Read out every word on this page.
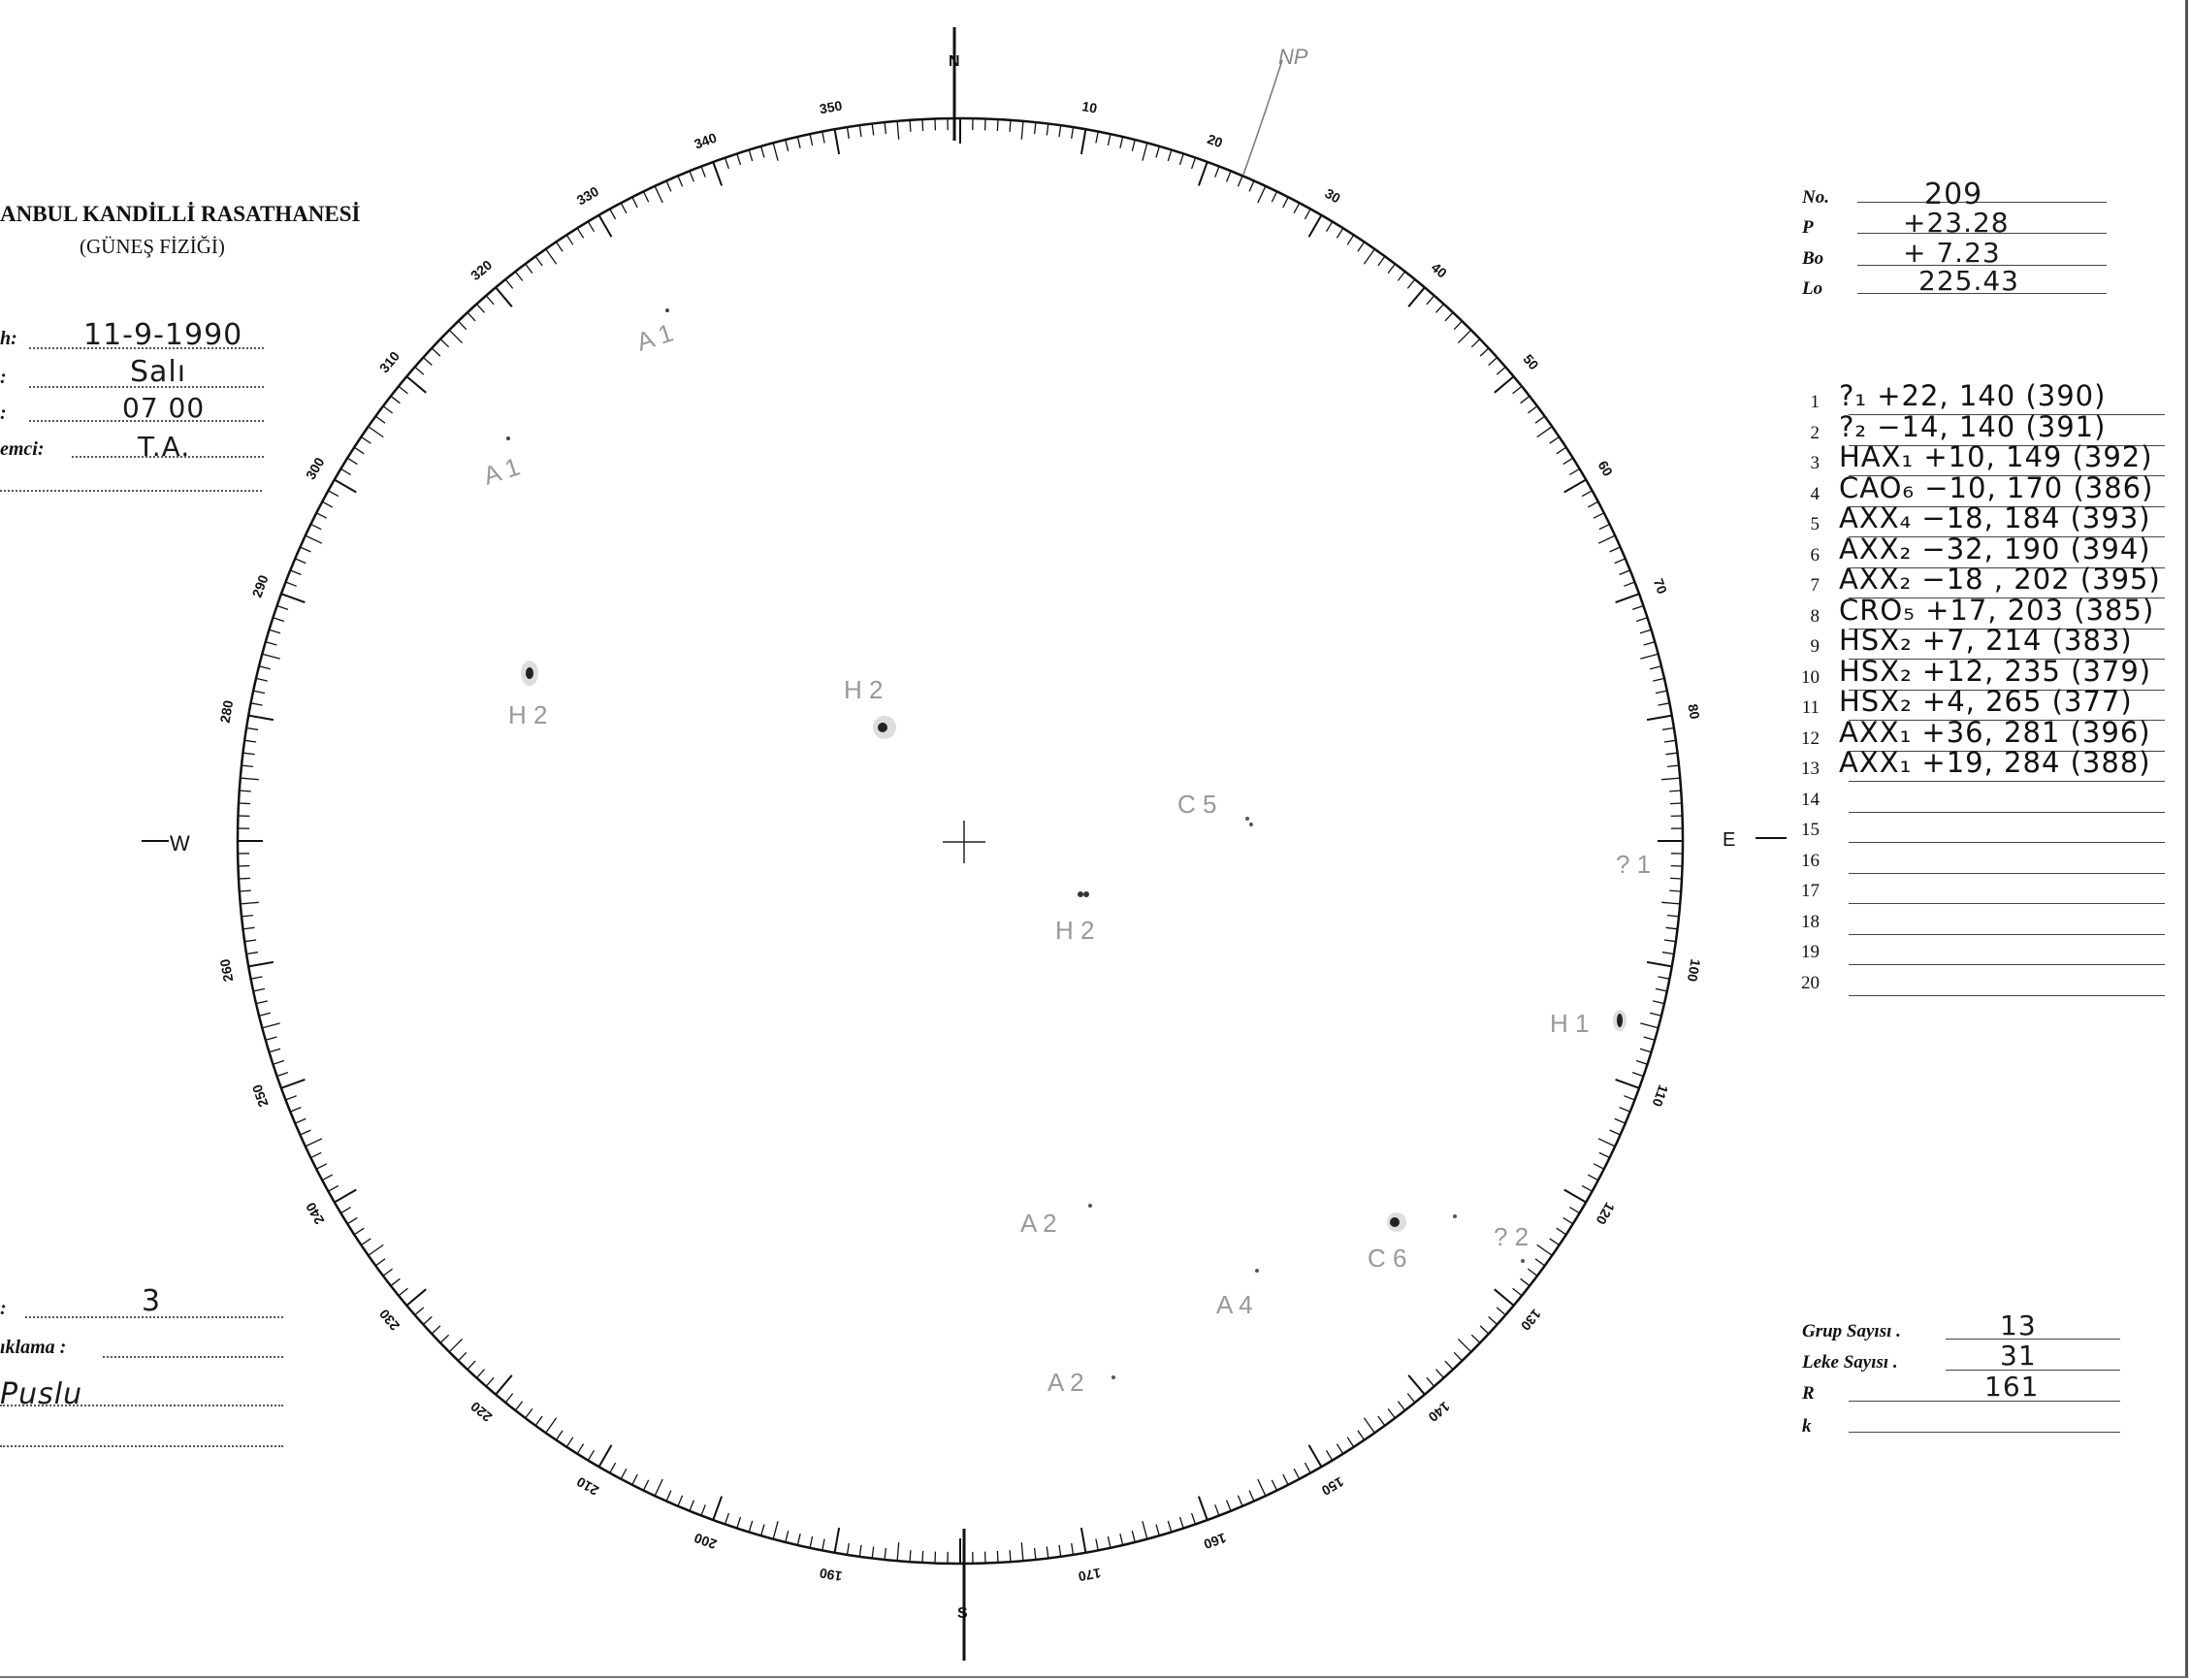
ANBUL KANDİLLİ RASATHANESİ
(GÜNEŞ FİZİĞİ)
h: 11-9-1990
:	Salı
:	07 00
emci:	T.A.
:	3
ıklama :
Puslu
No.	209
P	+23.28
Bo	+ 7.23
Lo	225.43
1 ?₁ +22, 140 (390)
2 ?₂ −14, 140 (391)
3 HAX₁ +10, 149 (392)
4 CAO₆ −10, 170 (386)
5 AXX₄ −18, 184 (393)
6 AXX₂ −32, 190 (394)
7 AXX₂ −18 , 202 (395)
8 CRO₅ +17, 203 (385)
9 HSX₂ +7, 214 (383)
10 HSX₂ +12, 235 (379)
11 HSX₂ +4, 265 (377)
12 AXX₁ +36, 281 (396)
13 AXX₁ +19, 284 (388)
14
15
16
17
18
19
20
Grup Sayısı .	13
Leke Sayısı .	31
R	161
k
10
20
30
40
50
60
70
80
100
110
120
130
140
150
160
170
190
200
210
220
230
240
250
260
280
290
300
310
320
330
340
350
N
S
W	E
NP
A 1
A 1
H 2
H 2
C 5
H 2
? 1
H 1
A 2
C 6
? 2
A 4
A 2
